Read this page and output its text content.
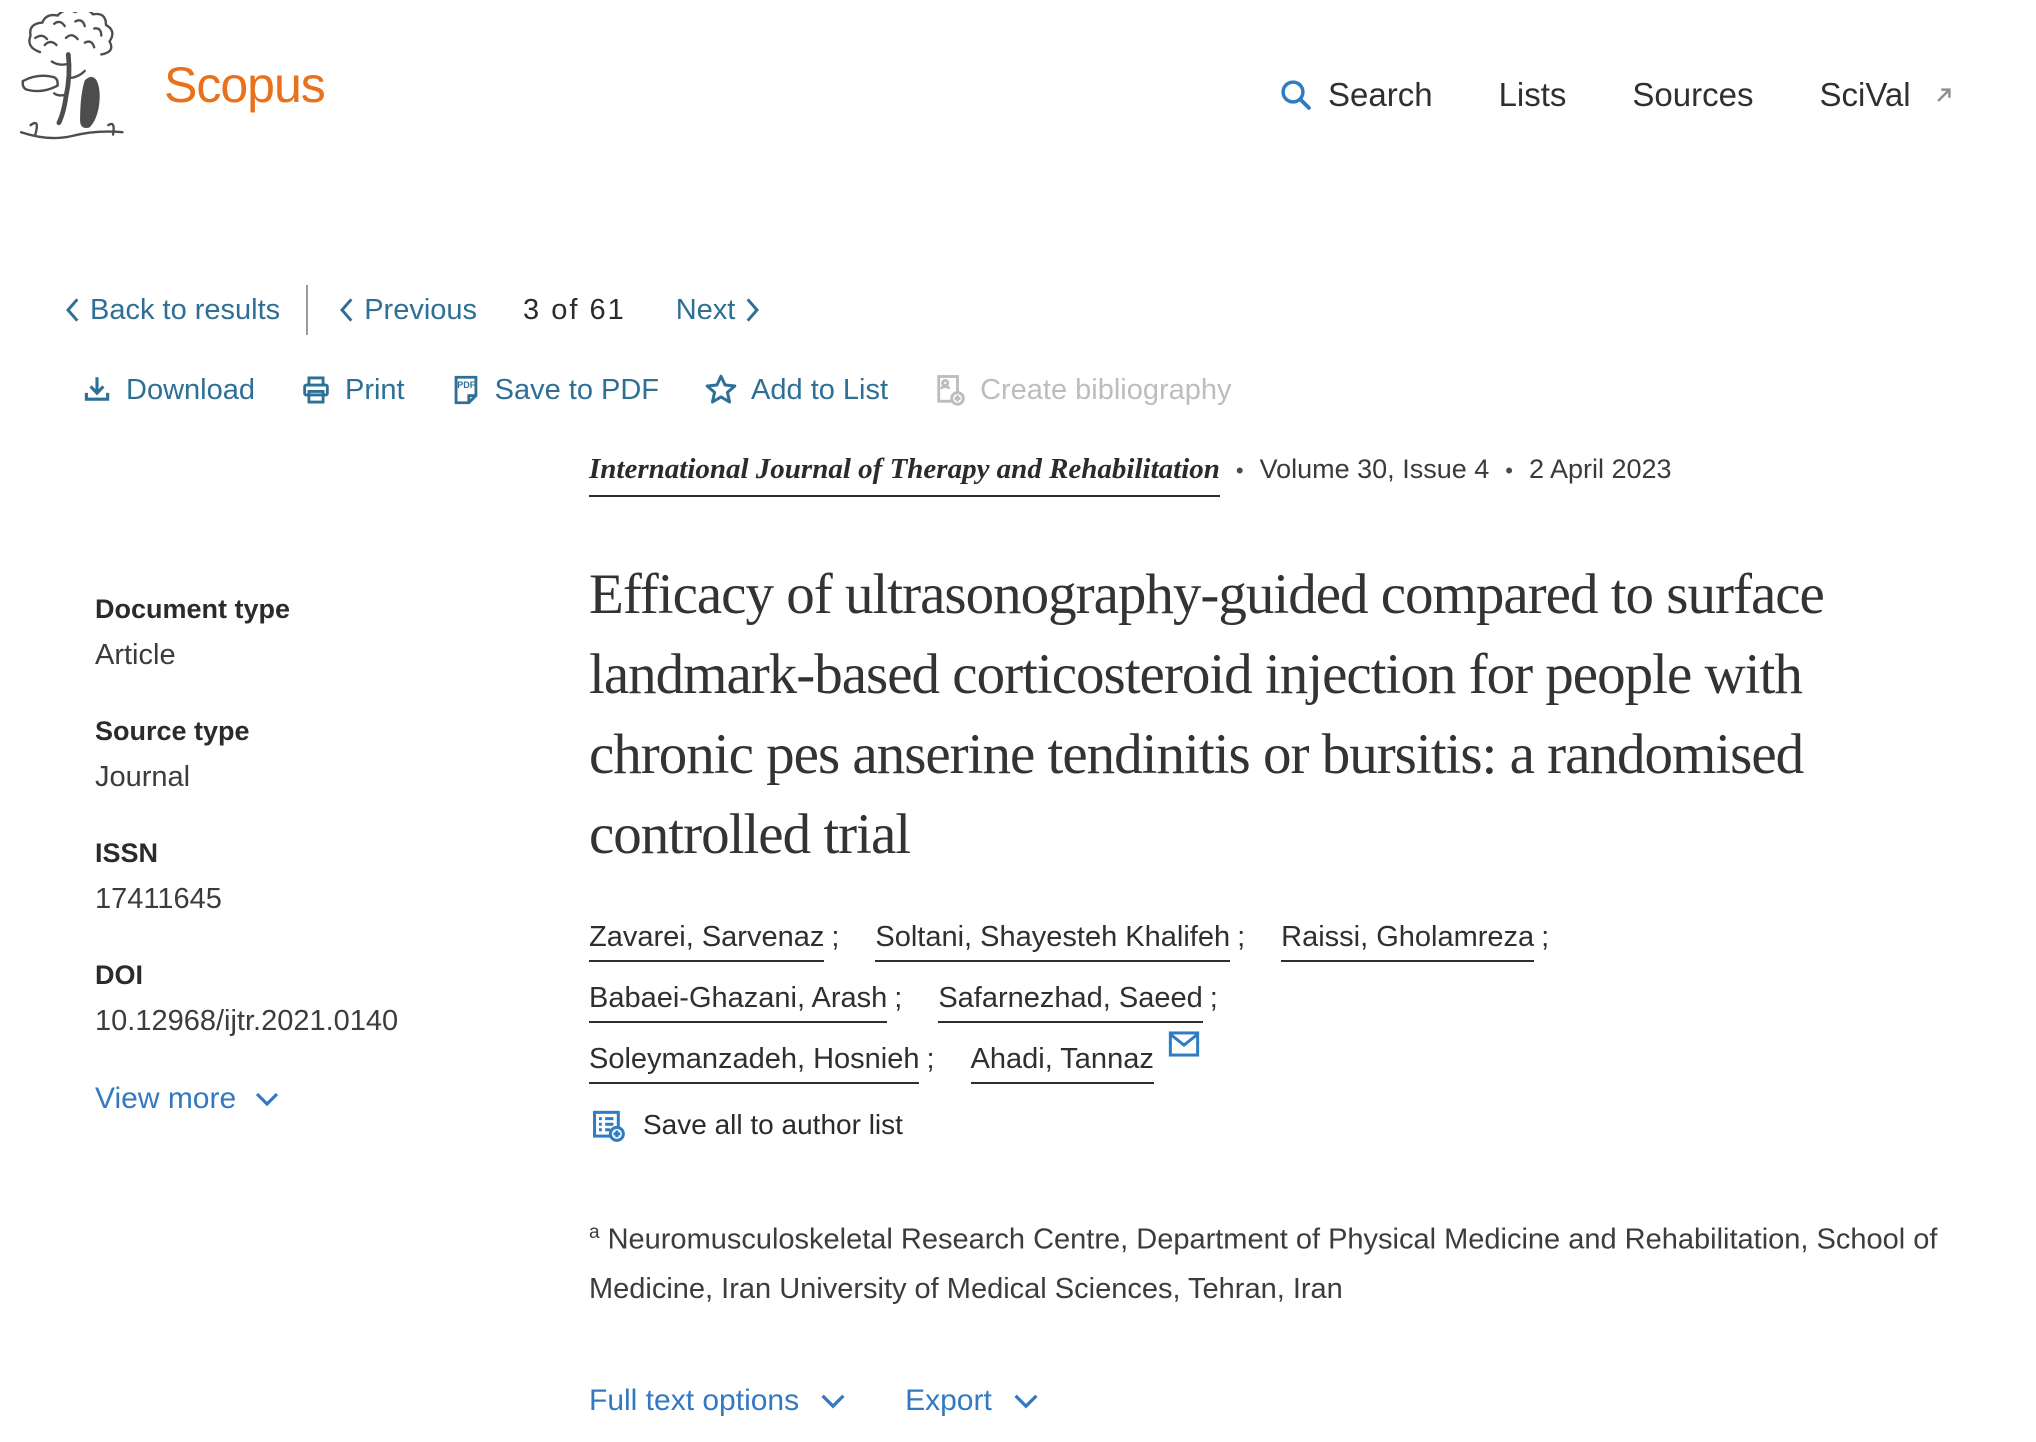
Scopus	Search Lists Sources SciVal
Back to results	Previous 3 of 61 Next
Download	Print	PDF Save to PDF	Add to List	Create bibliography
Document type
Article
Source type
Journal
ISSN
17411645
DOI
10.12968/ijtr.2021.0140
View more
International Journal of Therapy and Rehabilitation • Volume 30, Issue 4 • 2 April 2023
Efficacy of ultrasonography-guided compared to surface landmark-based corticosteroid injection for people with chronic pes anserine tendinitis or bursitis: a randomised controlled trial
Zavarei, Sarvenaz ; Soltani, Shayesteh Khalifeh ; Raissi, Gholamreza ;
Babaei-Ghazani, Arash ; Safarnezhad, Saeed ;
Soleymanzadeh, Hosnieh ; Ahadi, Tannaz
Save all to author list

$^a$ Neuromusculoskeletal Research Centre, Department of Physical Medicine and Rehabilitation, School of Medicine, Iran University of Medical Sciences, Tehran, Iran

Full text options	Export
